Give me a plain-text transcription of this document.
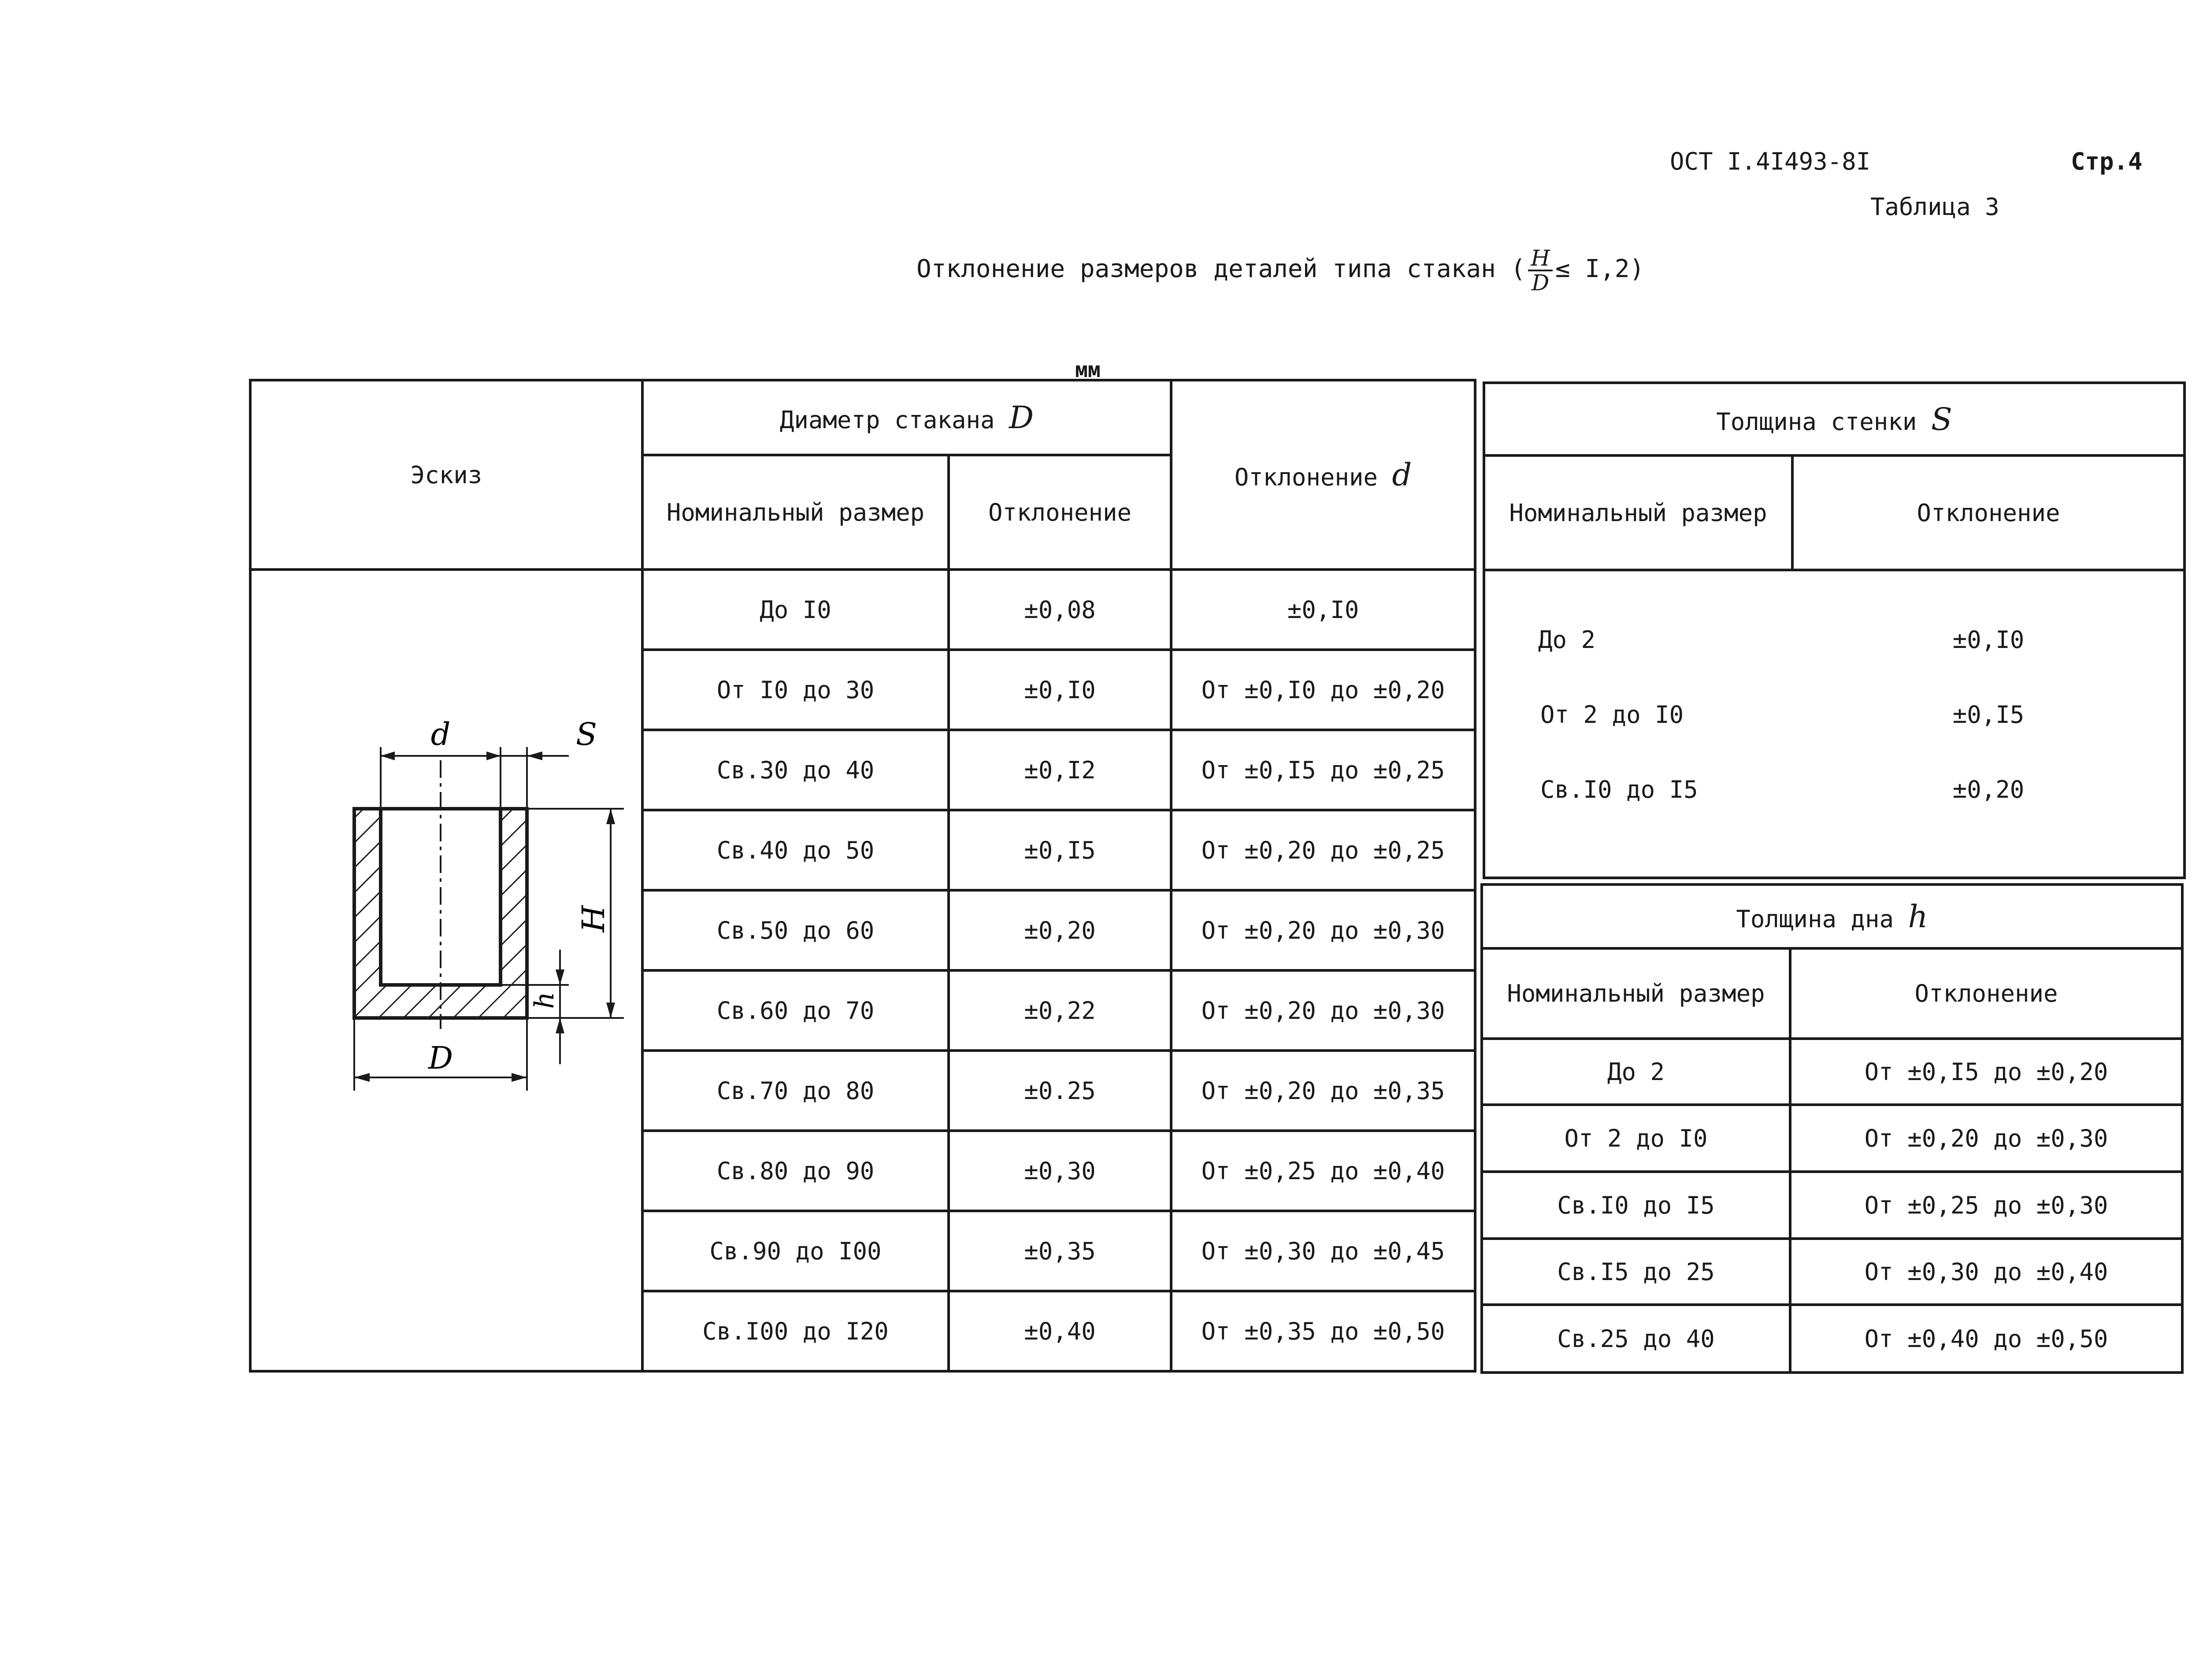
ОСТ I.4I493-8I	Стр.4
Таблица 3
Отклонение размеров деталей типа стакан ( $\frac{H}{D} \le I,2$)
мм
Эскиз	Диаметр стакана D		Отклонение d
	Номинальный размер	Отклонение	

d S
H
h
D	До I0	±0,08	±0,I0
	От I0 до 30	±0,I0	От ±0,I0 до ±0,20
	Св.30 до 40	±0,I2	От ±0,I5 до ±0,25
	Св.40 до 50	±0,I5	От ±0,20 до ±0,25
	Св.50 до 60	±0,20	От ±0,20 до ±0,30
	Св.60 до 70	±0,22	От ±0,20 до ±0,30
	Св.70 до 80	±0.25	От ±0,20 до ±0,35
	Св.80 до 90	±0,30	От ±0,25 до ±0,40
	Св.90 до I00	±0,35	От ±0,30 до ±0,45
	Св.I00 до I20	±0,40	От ±0,35 до ±0,50
Толщина стенки S
Номинальный размер	Отклонение

До 2	±0,I0
От 2 до I0	±0,I5
Св.I0 до I5	±0,20
Толщина дна h	
Номинальный размер	Отклонение
До 2	От ±0,I5 до ±0,20
От 2 до I0	От ±0,20 до ±0,30
Св.I0 до I5	От ±0,25 до ±0,30
Св.I5 до 25	От ±0,30 до ±0,40
Св.25 до 40	От ±0,40 до ±0,50
